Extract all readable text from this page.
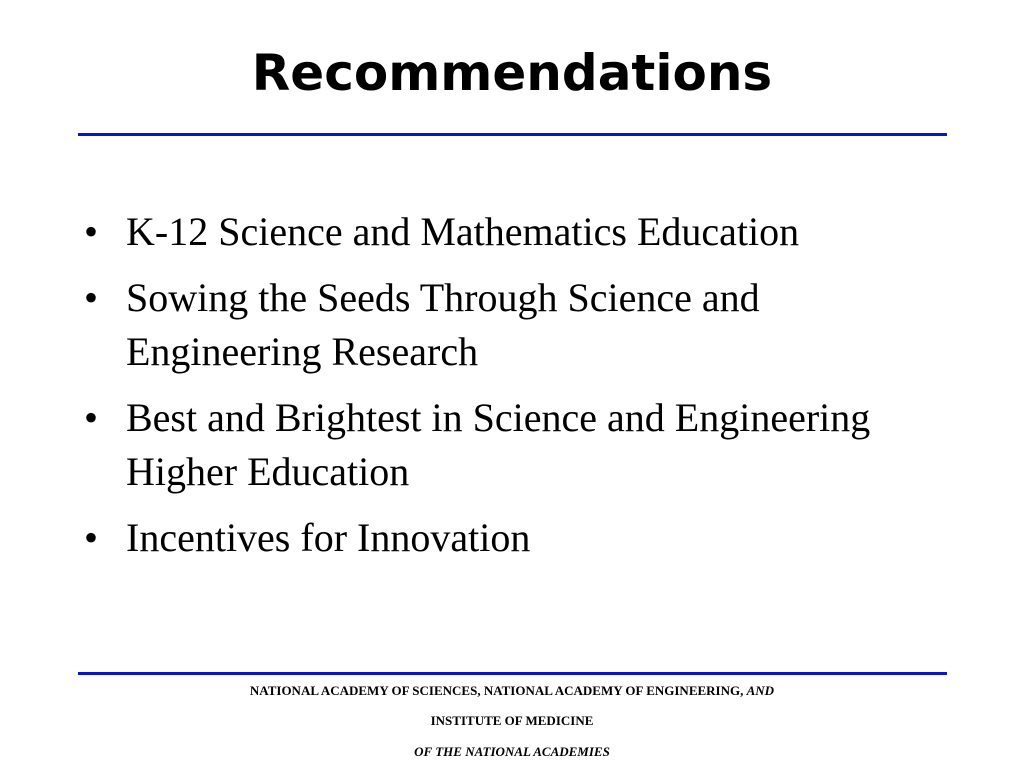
Recommendations
• K-12 Science and Mathematics Education
• Sowing the Seeds Through Science and Engineering Research
• Best and Brightest in Science and Engineering Higher Education
• Incentives for Innovation

NATIONAL ACADEMY OF SCIENCES, NATIONAL ACADEMY OF ENGINEERING, AND

INSTITUTE OF MEDICINE

OF THE NATIONAL ACADEMIES
